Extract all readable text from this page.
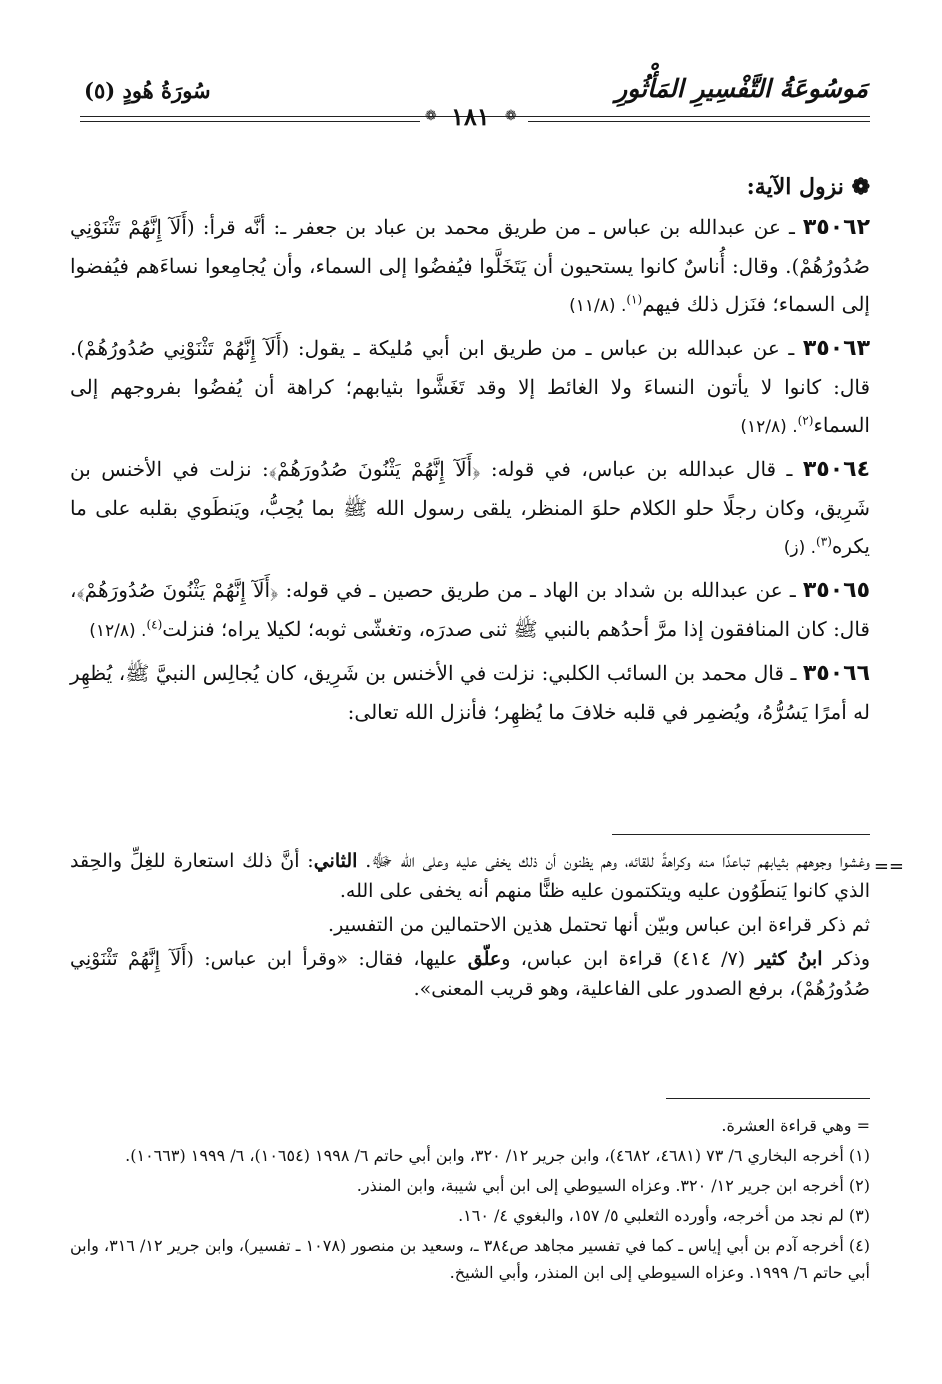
مَوسُوعَةُ التَّفْسِيرِ المَأْثُورِ
سُورَةُ هُودٍ (٥)
❁ ١٨١ ❁
❁ نزول الآية:

٣٥٠٦٢ ـ عن عبدالله بن عباس ـ من طريق محمد بن عباد بن جعفر ـ: أنَّه قرأ: (أَلَآ إِنَّهُمْ تَثْنَوْنِي صُدُورُهُمْ). وقال: أُناسٌ كانوا يستحيون أن يَتَخَلَّوا فيُفضُوا إلى السماء، وأن يُجامِعوا نساءَهم فيُفضوا إلى السماء؛ فنَزل ذلك فيهم$^{(١)}$. (١١/٨)

٣٥٠٦٣ ـ عن عبدالله بن عباس ـ من طريق ابن أبي مُليكة ـ يقول: (أَلَآ إِنَّهُمْ تَثْنَوْنِي صُدُورُهُمْ). قال: كانوا لا يأتون النساءَ ولا الغائط إلا وقد تَغَشَّوا بثيابهم؛ كراهة أن يُفضُوا بفروجهم إلى السماء$^{(٢)}$. (١٢/٨)

٣٥٠٦٤ ـ قال عبدالله بن عباس، في قوله: ﴿أَلَآ إِنَّهُمْ يَثْنُونَ صُدُورَهُمْ﴾: نزلت في الأخنس بن شَرِيق، وكان رجلًا حلو الكلام حلوَ المنظر، يلقى رسول الله ﷺ بما يُحِبُّ، ويَنطَوي بقلبه على ما يكره$^{(٣)}$. (ز)

٣٥٠٦٥ ـ عن عبدالله بن شداد بن الهاد ـ من طريق حصين ـ في قوله: ﴿أَلَآ إِنَّهُمْ يَثْنُونَ صُدُورَهُمْ﴾، قال: كان المنافقون إذا مرَّ أحدُهم بالنبي ﷺ ثنى صدرَه، وتغشّى ثوبه؛ لكيلا يراه؛ فنزلت$^{(٤)}$. (١٢/٨)

٣٥٠٦٦ ـ قال محمد بن السائب الكلبي: نزلت في الأخنس بن شَرِيق، كان يُجالِس النبيَّ ﷺ، يُظهِر له أمرًا يَسُرُّهُ، ويُضمِر في قلبه خلافَ ما يُظهِر؛ فأنزل الله تعالى:

==

وغشوا وجوههم بثيابهم تباعدًا منه وكراهةً للقائه، وهم يظنون أن ذلك يخفى عليه وعلى الله ﷻ. الثاني: أنَّ ذلك استعارة للغِلِّ والحِقد الذي كانوا يَنطَوُون عليه ويتكتمون عليه ظنًّا منهم أنه يخفى على الله.

ثم ذكر قراءة ابن عباس وبيّن أنها تحتمل هذين الاحتمالين من التفسير.

وذكر ابنُ كثير (٧/ ٤١٤) قراءة ابن عباس، وعلّق عليها، فقال: «وقرأ ابن عباس: (أَلَآ إِنَّهُمْ تَثْنَوْنِي صُدُورُهُمْ)، برفع الصدور على الفاعلية، وهو قريب المعنى».

= وهي قراءة العشرة.

(١) أخرجه البخاري ٦/ ٧٣ (٤٦٨١، ٤٦٨٢)، وابن جرير ١٢/ ٣٢٠، وابن أبي حاتم ٦/ ١٩٩٨ (١٠٦٥٤)، ٦/ ١٩٩٩ (١٠٦٦٣).

(٢) أخرجه ابن جرير ١٢/ ٣٢٠. وعزاه السيوطي إلى ابن أبي شيبة، وابن المنذر.

(٣) لم نجد من أخرجه، وأورده الثعلبي ٥/ ١٥٧، والبغوي ٤/ ١٦٠.

(٤) أخرجه آدم بن أبي إياس ـ كما في تفسير مجاهد ص٣٨٤ ـ، وسعيد بن منصور (١٠٧٨ ـ تفسير)، وابن جرير ١٢/ ٣١٦، وابن أبي حاتم ٦/ ١٩٩٩. وعزاه السيوطي إلى ابن المنذر، وأبي الشيخ.
